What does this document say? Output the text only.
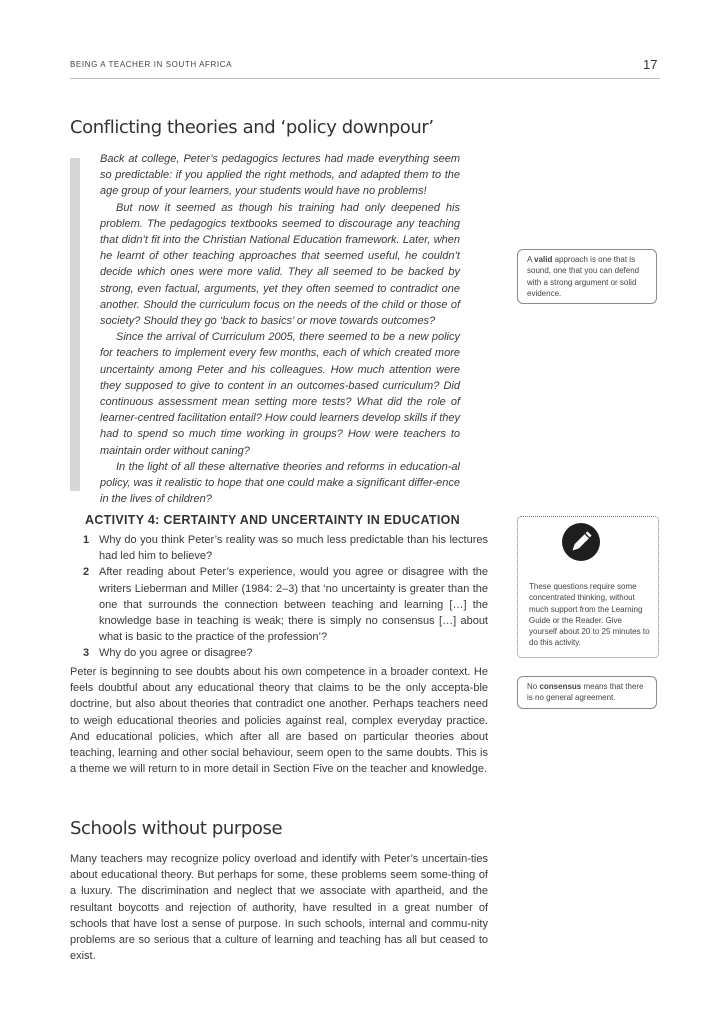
BEING A TEACHER IN SOUTH AFRICA	17
Conflicting theories and ‘policy downpour’

Back at college, Peter’s pedagogics lectures had made everything seem so predictable: if you applied the right methods, and adapted them to the age group of your learners, your students would have no problems!

But now it seemed as though his training had only deepened his problem. The pedagogics textbooks seemed to discourage any teaching that didn’t fit into the Christian National Education framework. Later, when he learnt of other teaching approaches that seemed useful, he couldn’t decide which ones were more valid. They all seemed to be backed by strong, even factual, arguments, yet they often seemed to contradict one another. Should the curriculum focus on the needs of the child or those of society? Should they go ‘back to basics’ or move towards outcomes?

Since the arrival of Curriculum 2005, there seemed to be a new policy for teachers to implement every few months, each of which created more uncertainty among Peter and his colleagues. How much attention were they supposed to give to content in an outcomes-based curriculum? Did continuous assessment mean setting more tests? What did the role of learner-centred facilitation entail? How could learners develop skills if they had to spend so much time working in groups? How were teachers to maintain order without caning?

In the light of all these alternative theories and reforms in education-al policy, was it realistic to hope that one could make a significant differ-ence in the lives of children?

A valid approach is one that is sound, one that you can defend with a strong argument or solid evidence.
ACTIVITY 4: CERTAINTY AND UNCERTAINTY IN EDUCATION
1 Why do you think Peter’s reality was so much less predictable than his lectures had led him to believe?
2 After reading about Peter’s experience, would you agree or disagree with the writers Lieberman and Miller (1984: 2–3) that ‘no uncertainty is greater than the one that surrounds the connection between teaching and learning […] the knowledge base in teaching is weak; there is simply no consensus […] about what is basic to the practice of the profession’?
3 Why do you agree or disagree?
These questions require some concentrated thinking, without much support from the Learning Guide or the Reader. Give yourself about 20 to 25 minutes to do this activity.
No consensus means that there is no general agreement.
Peter is beginning to see doubts about his own competence in a broader context. He feels doubtful about any educational theory that claims to be the only accepta-ble doctrine, but also about theories that contradict one another. Perhaps teachers need to weigh educational theories and policies against real, complex everyday practice. And educational policies, which after all are based on particular theories about teaching, learning and other social behaviour, seem open to the same doubts. This is a theme we will return to in more detail in Section Five on the teacher and knowledge.
Schools without purpose
Many teachers may recognize policy overload and identify with Peter’s uncertain-ties about educational theory. But perhaps for some, these problems seem some-thing of a luxury. The discrimination and neglect that we associate with apartheid, and the resultant boycotts and rejection of authority, have resulted in a great number of schools that have lost a sense of purpose. In such schools, internal and commu-nity problems are so serious that a culture of learning and teaching has all but ceased to exist.
